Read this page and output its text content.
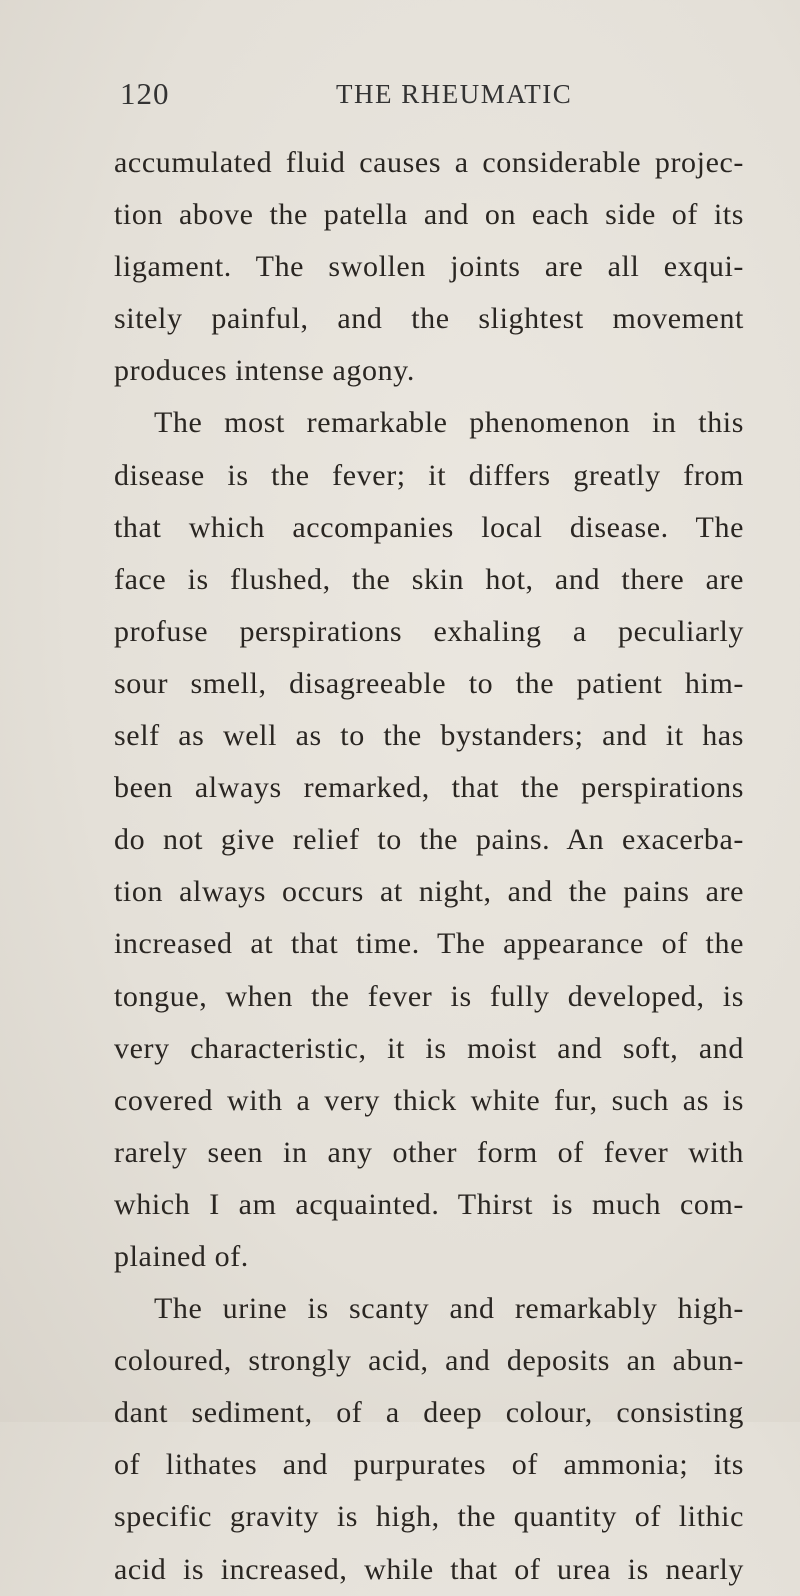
120	THE RHEUMATIC
accumulated fluid causes a considerable projec-
tion above the patella and on each side of its
ligament. The swollen joints are all exqui-
sitely painful, and the slightest movement
produces intense agony.
The most remarkable phenomenon in this
disease is the fever; it differs greatly from
that which accompanies local disease. The
face is flushed, the skin hot, and there are
profuse perspirations exhaling a peculiarly
sour smell, disagreeable to the patient him-
self as well as to the bystanders; and it has
been always remarked, that the perspirations
do not give relief to the pains. An exacerba-
tion always occurs at night, and the pains are
increased at that time. The appearance of the
tongue, when the fever is fully developed, is
very characteristic, it is moist and soft, and
covered with a very thick white fur, such as is
rarely seen in any other form of fever with
which I am acquainted. Thirst is much com-
plained of.
The urine is scanty and remarkably high-
coloured, strongly acid, and deposits an abun-
dant sediment, of a deep colour, consisting
of lithates and purpurates of ammonia; its
specific gravity is high, the quantity of lithic
acid is increased, while that of urea is nearly
